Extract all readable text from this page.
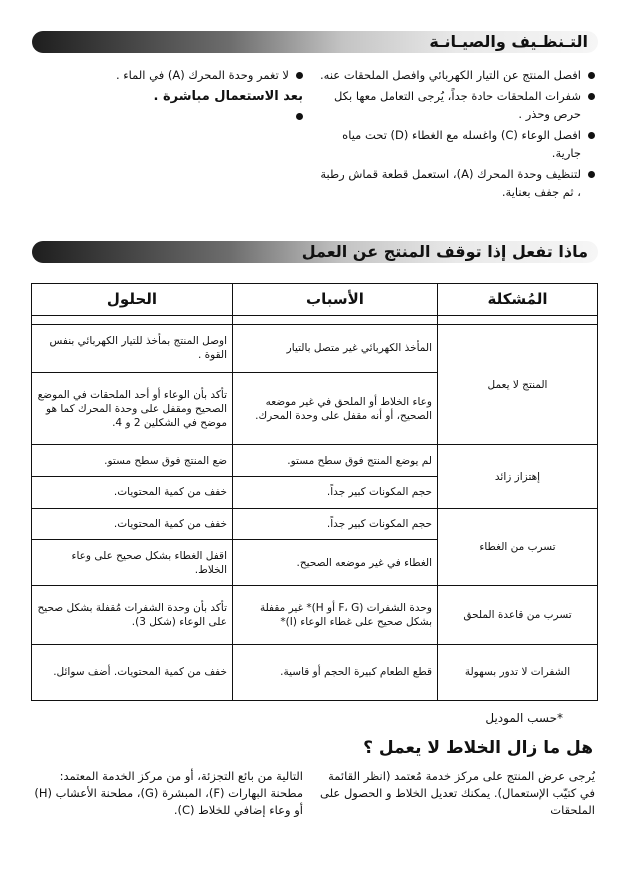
التـنظـيف والصيـانـة
افصل المنتج عن التيار الكهربائي وافصل الملحقات عنه.
شفرات الملحقات حادة جداً، يُرجى التعامل معها بكل حرص وحذر .
افصل الوعاء (C) واغسله مع الغطاء (D) تحت مياه جارية.
لتنظيف وحدة المحرك (A)، استعمل قطعة قماش رطبة ، ثم جفف بعناية.
لا تغمر وحدة المحرك (A) في الماء .
بعد الاستعمال مباشرة .

ماذا تفعل إذا توقف المنتج عن العمل
المُشكلة	الأسباب	الحلول

المنتج لا يعمل	المأخذ الكهربائي غير متصل بالتيار	اوصل المنتج بمأخذ للتيار الكهربائي بنفس القوة .
	وعاء الخلاط أو الملحق في غير موضعه الصحيح، أو أنه مقفل على وحدة المحرك.	تأكد بأن الوعاء أو أحد الملحقات في الموضع الصحيح ومقفل على وحدة المحرك كما هو موضح في الشكلين 2 و 4.
إهتزاز زائد	لم يوضع المنتج فوق سطح مستو.	ضع المنتج فوق سطح مستو.
	حجم المكونات كبير جداً.	خفف من كمية المحتويات.
تسرب من الغطاء	حجم المكونات كبير جداً.	خفف من كمية المحتويات.
	الغطاء في غير موضعه الصحيح.	اقفل الغطاء بشكل صحيح على وعاء الخلاط.
تسرب من قاعدة الملحق	وحدة الشفرات (F، G أو H)* غير مقفلة بشكل صحيح على غطاء الوعاء (I)*	تأكد بأن وحدة الشفرات مُقفلة بشكل صحيح على الوعاء (شكل 3).
الشفرات لا تدور بسهولة	قطع الطعام كبيرة الحجم أو قاسية.	خفف من كمية المحتويات. أضف سوائل.
*حسب الموديل
هل ما زال الخلاط لا يعمل ؟
يُرجى عرض المنتج على مركز خدمة مُعتمد (انظر القائمة في كتيّب الإستعمال). يمكنك تعديل الخلاط و الحصول على الملحقات
التالية من بائع التجزئة، أو من مركز الخدمة المعتمد: مطحنة البهارات (F)، المبشرة (G)، مطحنة الأعشاب (H) أو وعاء إضافي للخلاط (C).
